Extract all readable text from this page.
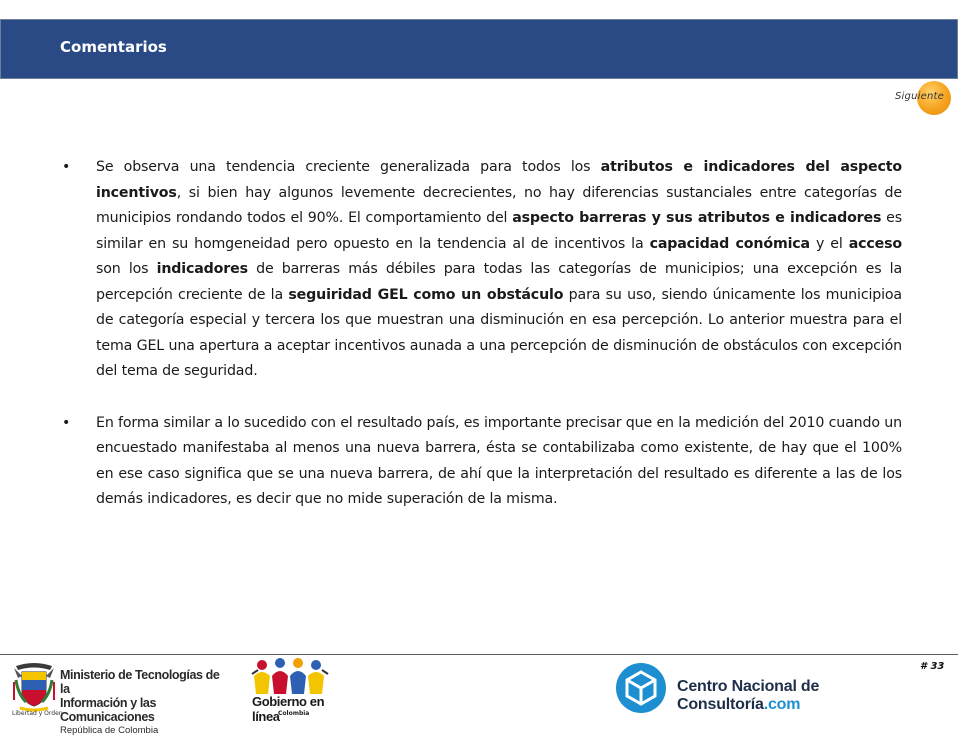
Comentarios
Siguiente
• Se observa una tendencia creciente generalizada para todos los atributos e indicadores del aspecto incentivos, si bien hay algunos levemente decrecientes, no hay diferencias sustanciales entre categorías de municipios rondando todos el 90%. El comportamiento del aspecto barreras y sus atributos e indicadores es similar en su homgeneidad pero opuesto en la tendencia al de incentivos la capacidad conómica y el acceso son los indicadores de barreras más débiles para todas las categorías de municipios; una excepción es la percepción creciente de la seguiridad GEL como un obstáculo para su uso, siendo únicamente los municipioa de categoría especial y tercera los que muestran una disminución en esa percepción. Lo anterior muestra para el tema GEL una apertura a aceptar incentivos aunada a una percepción de disminución de obstáculos con excepción del tema de seguridad.
• En forma similar a lo sucedido con el resultado país, es importante precisar que en la medición del 2010 cuando un encuestado manifestaba al menos una nueva barrera, ésta se contabilizaba como existente, de hay que el 100% en ese caso significa que se una nueva barrera, de ahí que la interpretación del resultado es diferente a las de los demás indicadores, es decir que no mide superación de la misma.
# 33
Ministerio de Tecnologías de la
Información y las Comunicaciones
República de Colombia
Libertad y Orden
Gobierno en línea
Colombia
Centro Nacional de Consultoría.com
